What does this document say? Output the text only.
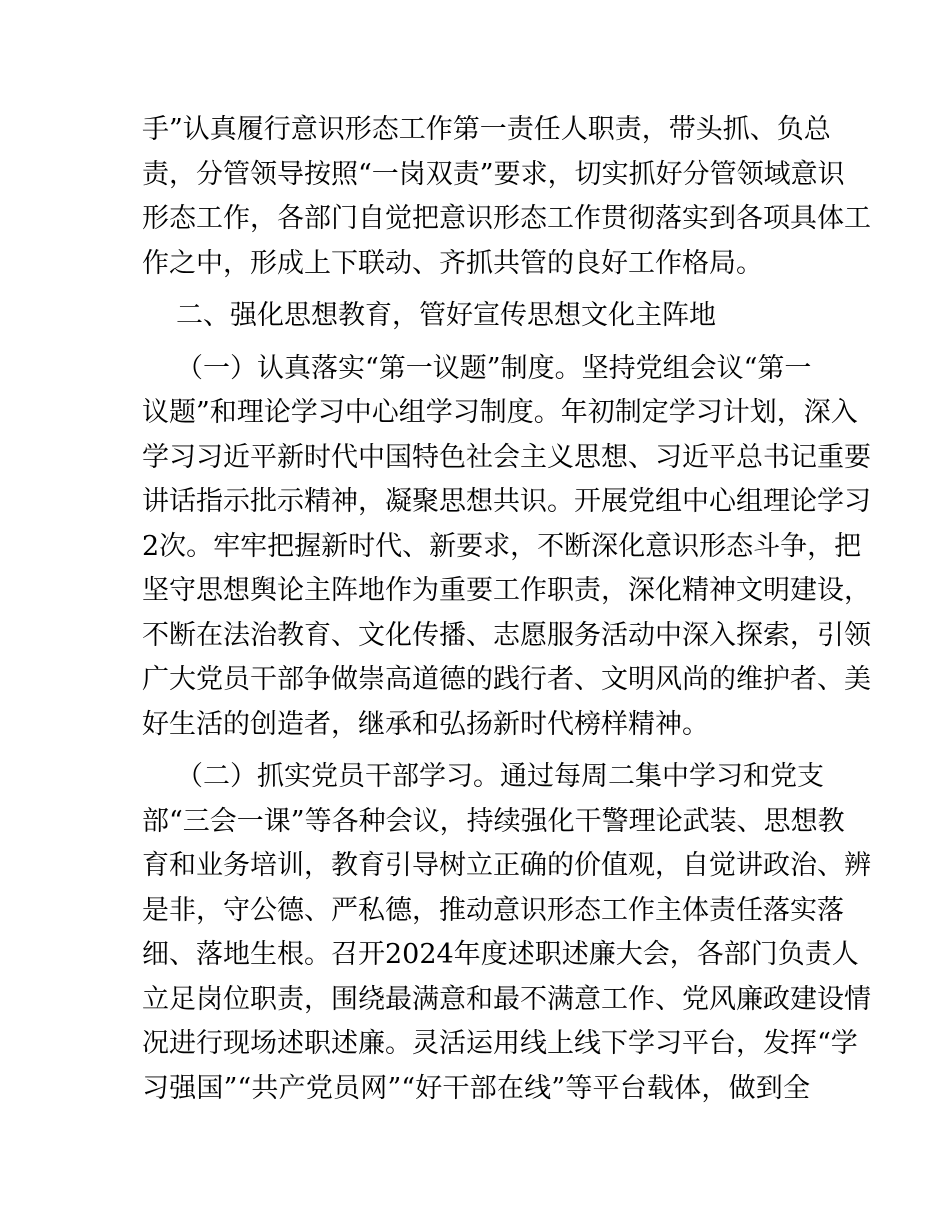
手”认真履行意识形态工作第一责任人职责，带头抓、负总
责，分管领导按照“一岗双责”要求，切实抓好分管领域意识
形态工作，各部门自觉把意识形态工作贯彻落实到各项具体工
作之中，形成上下联动、齐抓共管的良好工作格局。
二、强化思想教育，管好宣传思想文化主阵地
（一）认真落实“第一议题”制度。坚持党组会议“第一
议题”和理论学习中心组学习制度。年初制定学习计划，深入
学习习近平新时代中国特色社会主义思想、习近平总书记重要
讲话指示批示精神，凝聚思想共识。开展党组中心组理论学习
2次。牢牢把握新时代、新要求，不断深化意识形态斗争，把
坚守思想舆论主阵地作为重要工作职责，深化精神文明建设，
不断在法治教育、文化传播、志愿服务活动中深入探索，引领
广大党员干部争做崇高道德的践行者、文明风尚的维护者、美
好生活的创造者，继承和弘扬新时代榜样精神。
（二）抓实党员干部学习。通过每周二集中学习和党支
部“三会一课”等各种会议，持续强化干警理论武装、思想教
育和业务培训，教育引导树立正确的价值观，自觉讲政治、辨
是非，守公德、严私德，推动意识形态工作主体责任落实落
细、落地生根。召开2024年度述职述廉大会，各部门负责人
立足岗位职责，围绕最满意和最不满意工作、党风廉政建设情
况进行现场述职述廉。灵活运用线上线下学习平台，发挥“学
习强国”“共产党员网”“好干部在线”等平台载体，做到全
